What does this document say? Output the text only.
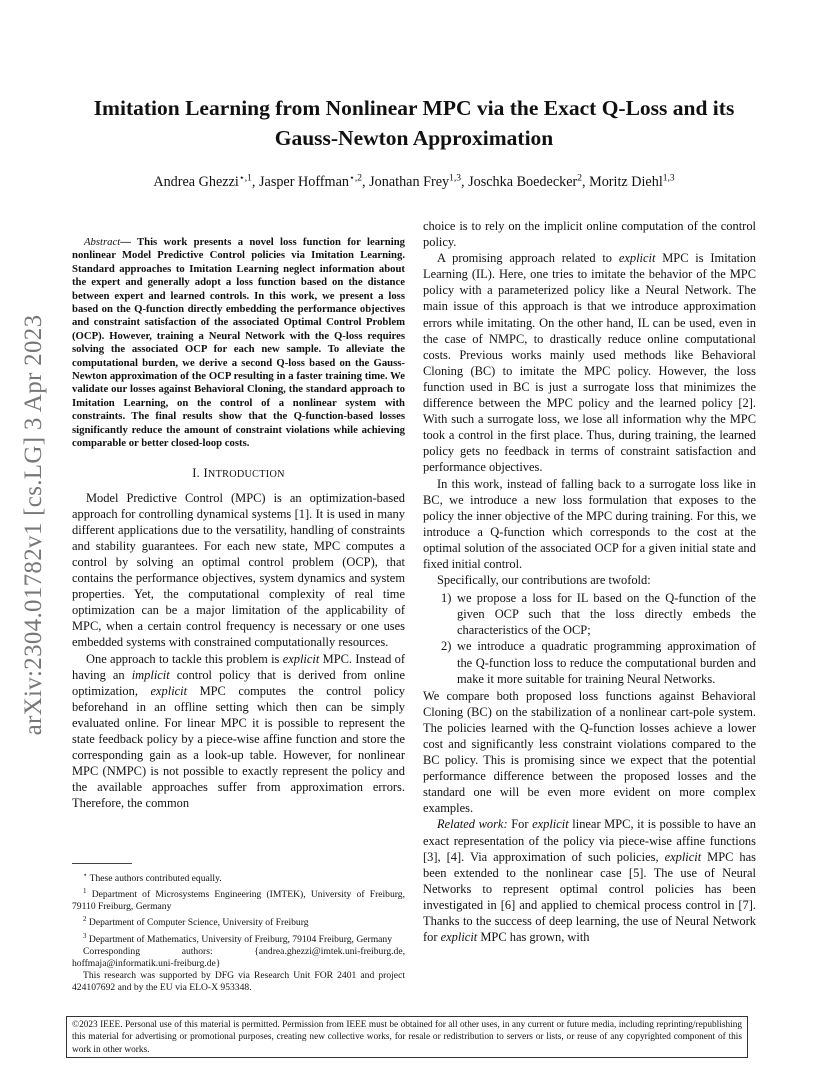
arXiv:2304.01782v1 [cs.LG] 3 Apr 2023
Imitation Learning from Nonlinear MPC via the Exact Q-Loss and its Gauss-Newton Approximation
Andrea Ghezzi$^{⋆,1}$, Jasper Hoffman$^{⋆,2}$, Jonathan Frey$^{1,3}$, Joschka Boedecker$^2$, Moritz Diehl$^{1,3}$

Abstract— This work presents a novel loss function for learning nonlinear Model Predictive Control policies via Imitation Learning. Standard approaches to Imitation Learning neglect information about the expert and generally adopt a loss function based on the distance between expert and learned controls. In this work, we present a loss based on the Q-function directly embedding the performance objectives and constraint satisfaction of the associated Optimal Control Problem (OCP). However, training a Neural Network with the Q-loss requires solving the associated OCP for each new sample. To alleviate the computational burden, we derive a second Q-loss based on the Gauss-Newton approximation of the OCP resulting in a faster training time. We validate our losses against Behavioral Cloning, the standard approach to Imitation Learning, on the control of a nonlinear system with constraints. The final results show that the Q-function-based losses significantly reduce the amount of constraint violations while achieving comparable or better closed-loop costs.

I. INTRODUCTION

Model Predictive Control (MPC) is an optimization-based approach for controlling dynamical systems [1]. It is used in many different applications due to the versatility, handling of constraints and stability guarantees. For each new state, MPC computes a control by solving an optimal control problem (OCP), that contains the performance objectives, system dynamics and system properties. Yet, the computational complexity of real time optimization can be a major limitation of the applicability of MPC, when a certain control frequency is necessary or one uses embedded systems with constrained computationally resources.

One approach to tackle this problem is explicit MPC. Instead of having an implicit control policy that is derived from online optimization, explicit MPC computes the control policy beforehand in an offline setting which then can be simply evaluated online. For linear MPC it is possible to represent the state feedback policy by a piece-wise affine function and store the corresponding gain as a look-up table. However, for nonlinear MPC (NMPC) is not possible to exactly represent the policy and the available approaches suffer from approximation errors. Therefore, the common

⋆ These authors contributed equally.

$^1$ Department of Microsystems Engineering (IMTEK), University of Freiburg, 79110 Freiburg, Germany

$^2$ Department of Computer Science, University of Freiburg

$^3$ Department of Mathematics, University of Freiburg, 79104 Freiburg, Germany

Corresponding authors: {andrea.ghezzi@imtek.uni-freiburg.de, hoffmaja@informatik.uni-freiburg.de}

This research was supported by DFG via Research Unit FOR 2401 and project 424107692 and by the EU via ELO-X 953348.

choice is to rely on the implicit online computation of the control policy.

A promising approach related to explicit MPC is Imitation Learning (IL). Here, one tries to imitate the behavior of the MPC policy with a parameterized policy like a Neural Network. The main issue of this approach is that we introduce approximation errors while imitating. On the other hand, IL can be used, even in the case of NMPC, to drastically reduce online computational costs. Previous works mainly used methods like Behavioral Cloning (BC) to imitate the MPC policy. However, the loss function used in BC is just a surrogate loss that minimizes the difference between the MPC policy and the learned policy [2]. With such a surrogate loss, we lose all information why the MPC took a control in the first place. Thus, during training, the learned policy gets no feedback in terms of constraint satisfaction and performance objectives.

In this work, instead of falling back to a surrogate loss like in BC, we introduce a new loss formulation that exposes to the policy the inner objective of the MPC during training. For this, we introduce a Q-function which corresponds to the cost at the optimal solution of the associated OCP for a given initial state and fixed initial control.

Specifically, our contributions are twofold:

1) we propose a loss for IL based on the Q-function of the given OCP such that the loss directly embeds the characteristics of the OCP;
2) we introduce a quadratic programming approximation of the Q-function loss to reduce the computational burden and make it more suitable for training Neural Networks.

We compare both proposed loss functions against Behavioral Cloning (BC) on the stabilization of a nonlinear cart-pole system. The policies learned with the Q-function losses achieve a lower cost and significantly less constraint violations compared to the BC policy. This is promising since we expect that the potential performance difference between the proposed losses and the standard one will be even more evident on more complex examples.

Related work: For explicit linear MPC, it is possible to have an exact representation of the policy via piece-wise affine functions [3], [4]. Via approximation of such policies, explicit MPC has been extended to the nonlinear case [5]. The use of Neural Networks to represent optimal control policies has been investigated in [6] and applied to chemical process control in [7]. Thanks to the success of deep learning, the use of Neural Network for explicit MPC has grown, with

©2023 IEEE. Personal use of this material is permitted. Permission from IEEE must be obtained for all other uses, in any current or future media, including reprinting/republishing this material for advertising or promotional purposes, creating new collective works, for resale or redistribution to servers or lists, or reuse of any copyrighted component of this work in other works.
